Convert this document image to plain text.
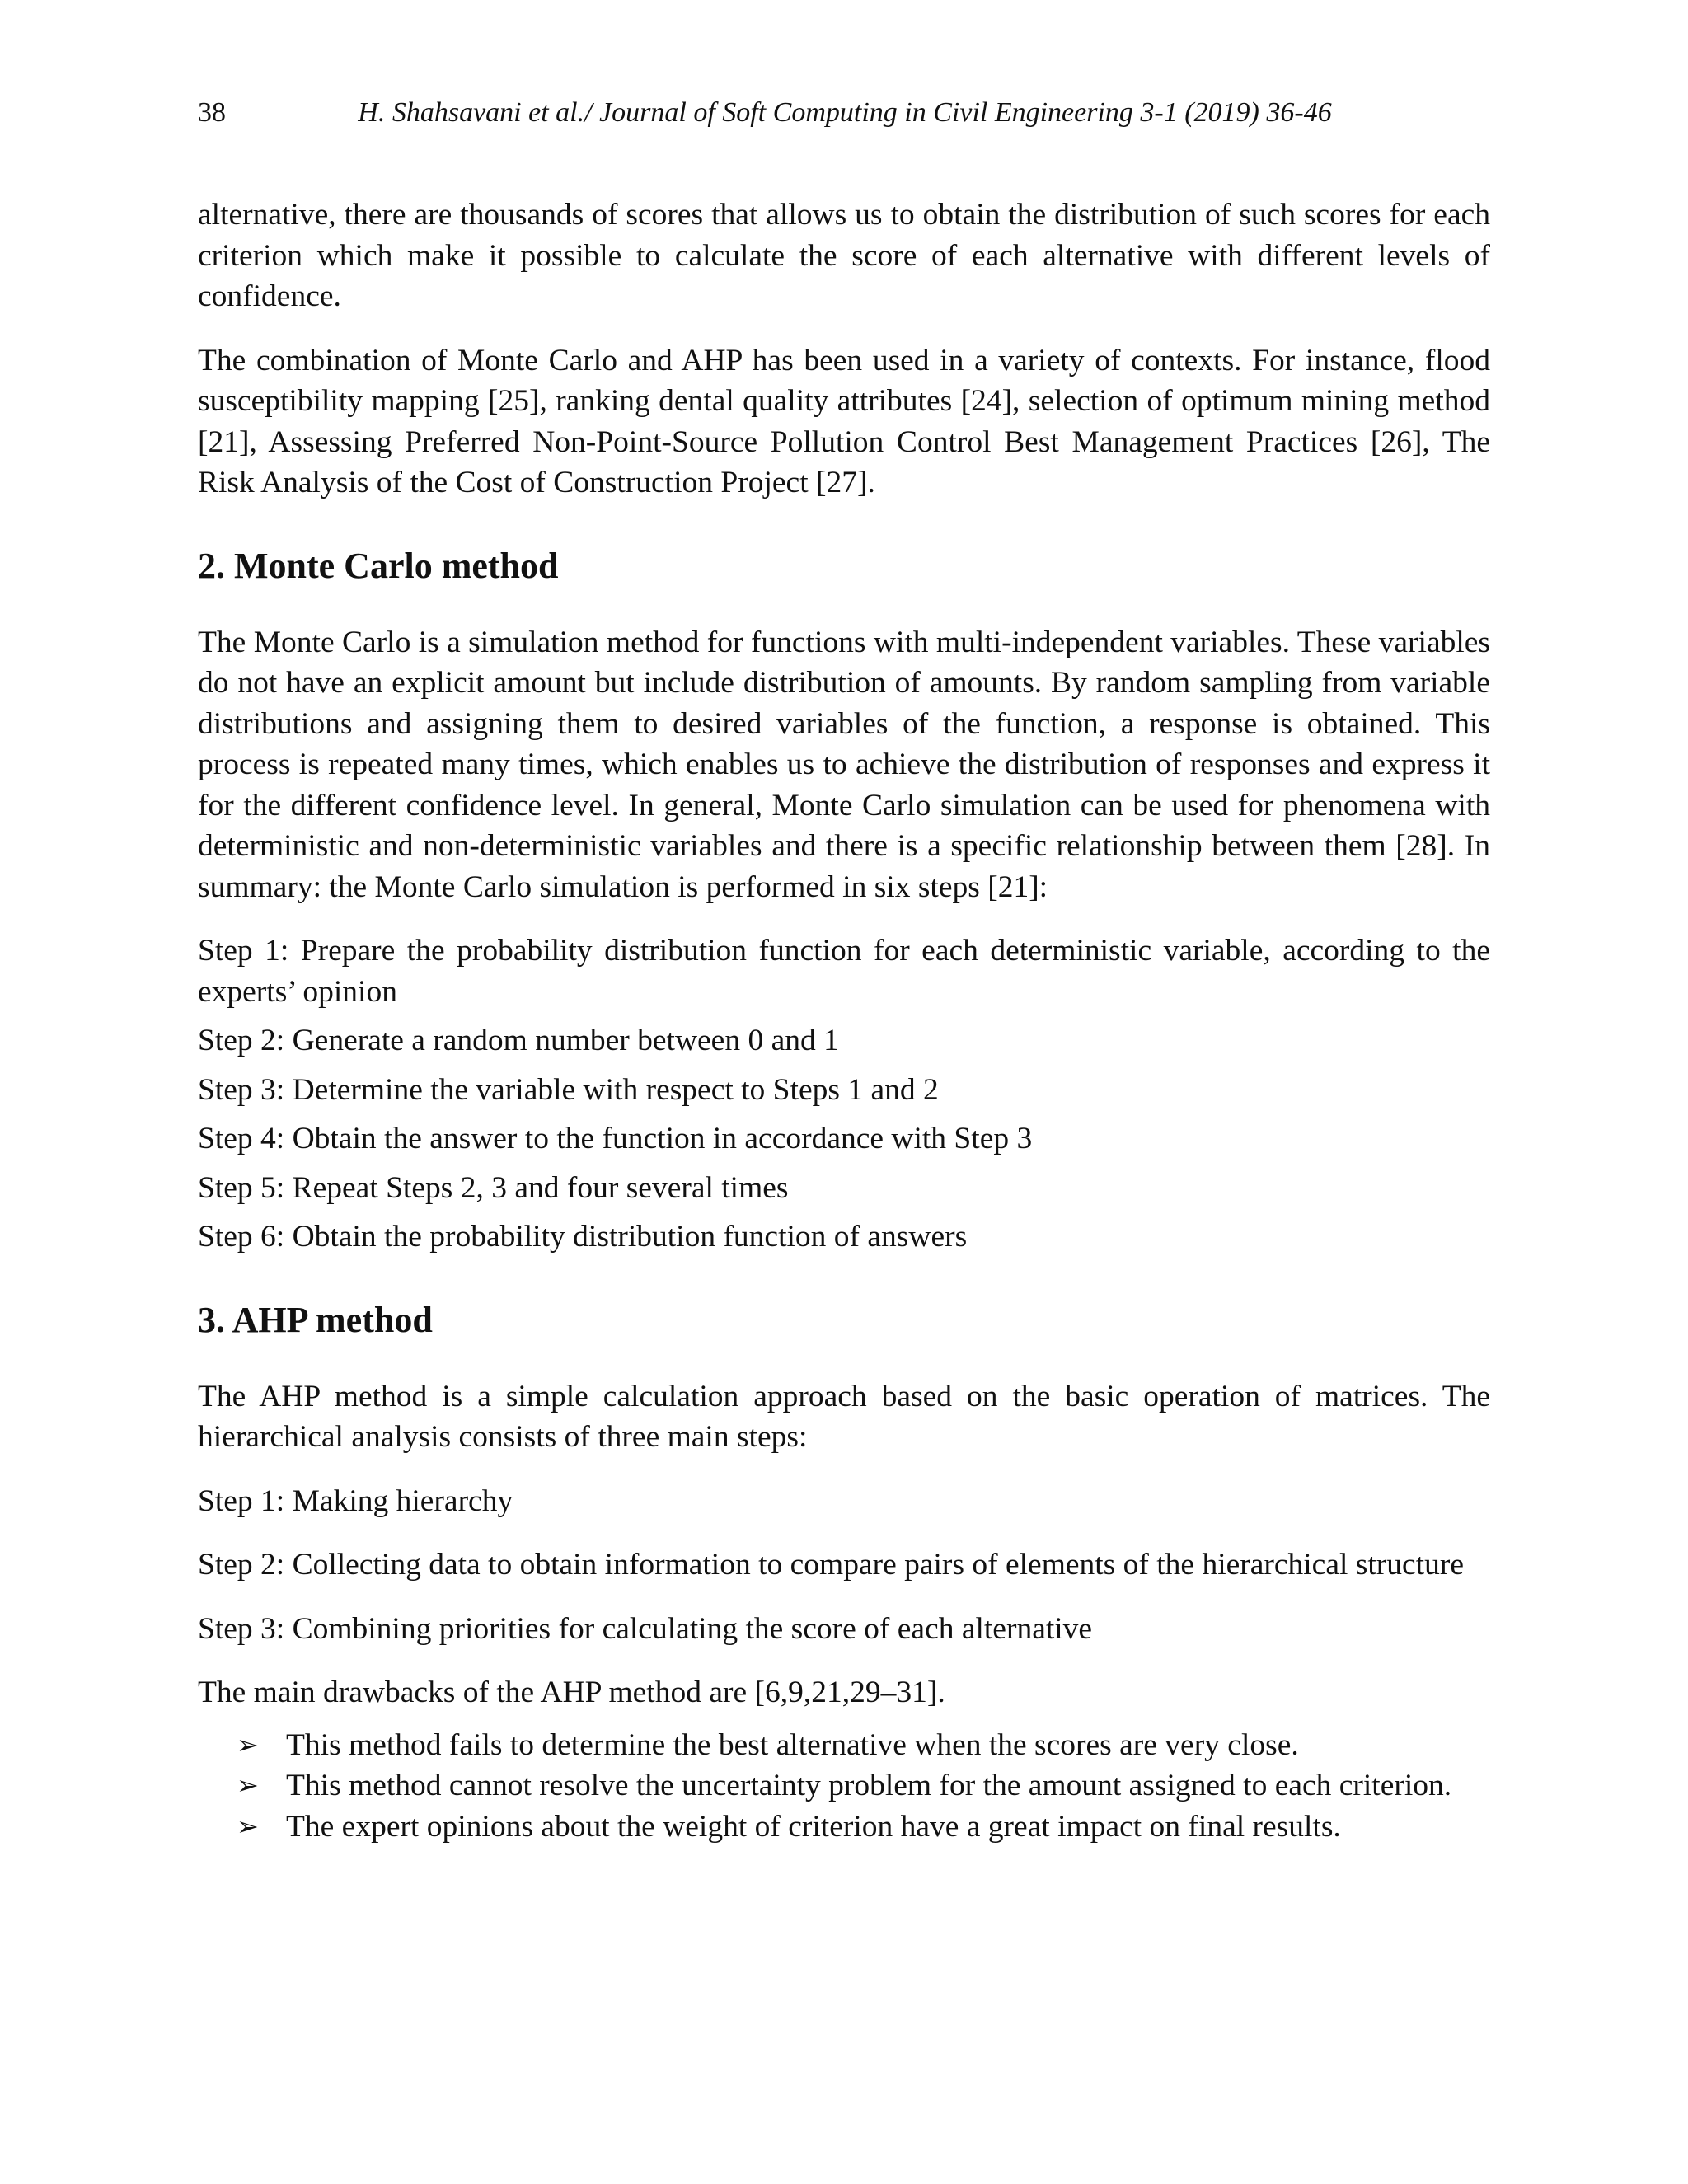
38	H. Shahsavani et al./ Journal of Soft Computing in Civil Engineering 3-1 (2019) 36-46

alternative, there are thousands of scores that allows us to obtain the distribution of such scores for each criterion which make it possible to calculate the score of each alternative with different levels of confidence.

The combination of Monte Carlo and AHP has been used in a variety of contexts. For instance, flood susceptibility mapping [25], ranking dental quality attributes [24], selection of optimum mining method [21], Assessing Preferred Non-Point-Source Pollution Control Best Management Practices [26], The Risk Analysis of the Cost of Construction Project [27].

2. Monte Carlo method

The Monte Carlo is a simulation method for functions with multi-independent variables. These variables do not have an explicit amount but include distribution of amounts. By random sampling from variable distributions and assigning them to desired variables of the function, a response is obtained. This process is repeated many times, which enables us to achieve the distribution of responses and express it for the different confidence level. In general, Monte Carlo simulation can be used for phenomena with deterministic and non-deterministic variables and there is a specific relationship between them [28]. In summary: the Monte Carlo simulation is performed in six steps [21]:

Step 1: Prepare the probability distribution function for each deterministic variable, according to the experts’ opinion

Step 2: Generate a random number between 0 and 1

Step 3: Determine the variable with respect to Steps 1 and 2

Step 4: Obtain the answer to the function in accordance with Step 3

Step 5: Repeat Steps 2, 3 and four several times

Step 6: Obtain the probability distribution function of answers

3. AHP method

The AHP method is a simple calculation approach based on the basic operation of matrices. The hierarchical analysis consists of three main steps:

Step 1: Making hierarchy

Step 2: Collecting data to obtain information to compare pairs of elements of the hierarchical structure

Step 3: Combining priorities for calculating the score of each alternative

The main drawbacks of the AHP method are [6,9,21,29–31].

➢ This method fails to determine the best alternative when the scores are very close.
➢ This method cannot resolve the uncertainty problem for the amount assigned to each criterion.
➢ The expert opinions about the weight of criterion have a great impact on final results.
